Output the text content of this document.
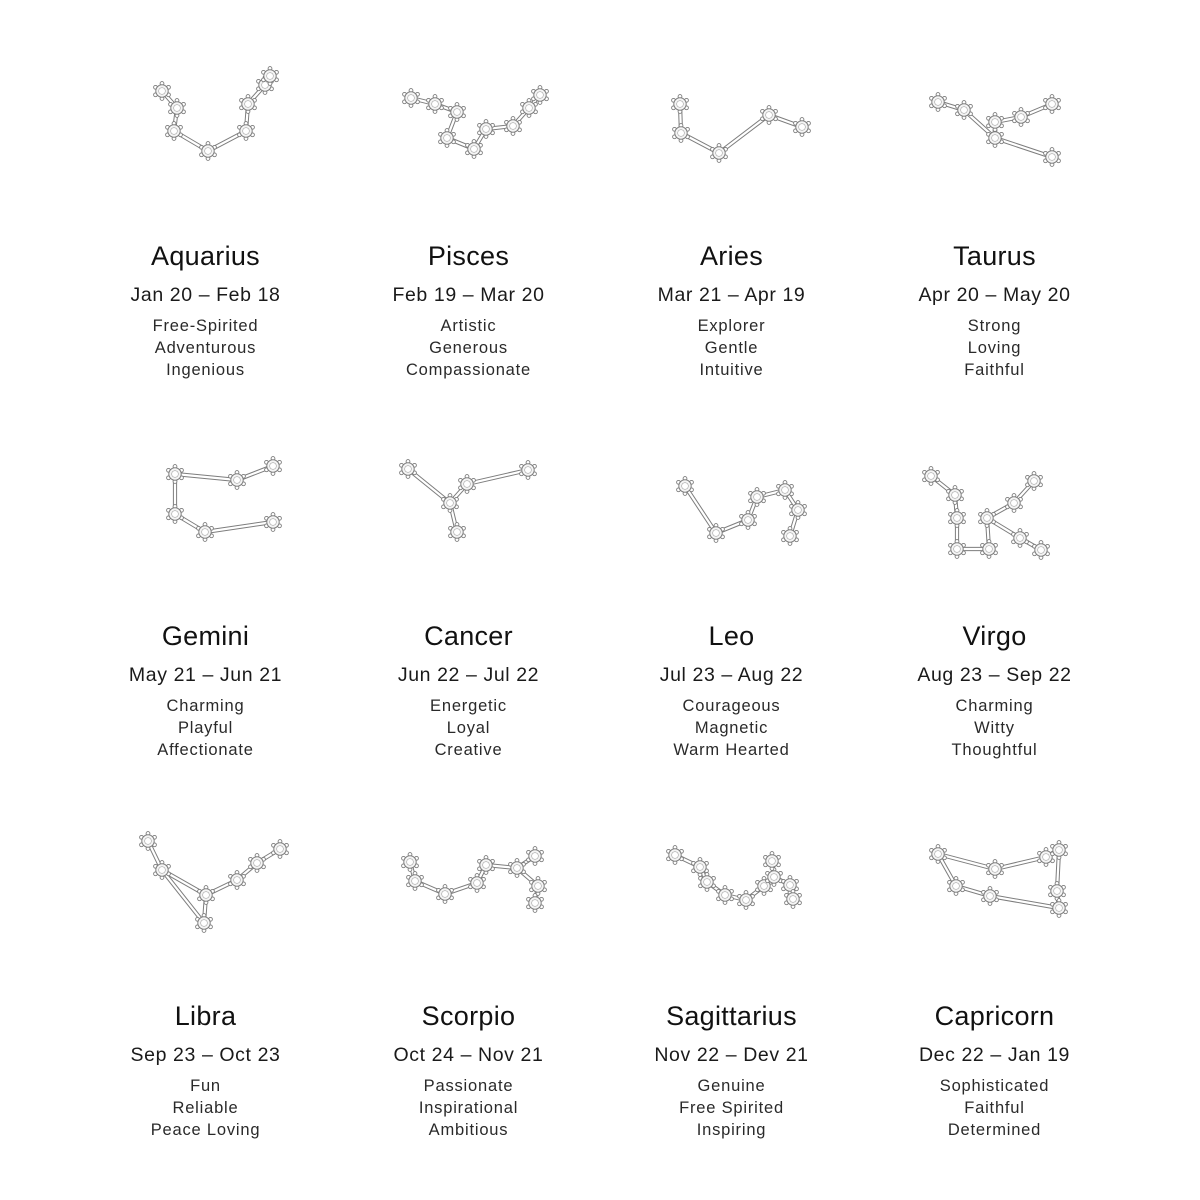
Aquarius
Jan 20 – Feb 18
Free-Spirited
Adventurous
Ingenious
Pisces
Feb 19 – Mar 20
Artistic
Generous
Compassionate
Aries
Mar 21 – Apr 19
Explorer
Gentle
Intuitive
Taurus
Apr 20 – May 20
Strong
Loving
Faithful
Gemini
May 21 – Jun 21
Charming
Playful
Affectionate
Cancer
Jun 22 – Jul 22
Energetic
Loyal
Creative
Leo
Jul 23 – Aug 22
Courageous
Magnetic
Warm Hearted
Virgo
Aug 23 – Sep 22
Charming
Witty
Thoughtful
Libra
Sep 23 – Oct 23
Fun
Reliable
Peace Loving
Scorpio
Oct 24 – Nov 21
Passionate
Inspirational
Ambitious
Sagittarius
Nov 22 – Dev 21
Genuine
Free Spirited
Inspiring
Capricorn
Dec 22 – Jan 19
Sophisticated
Faithful
Determined
